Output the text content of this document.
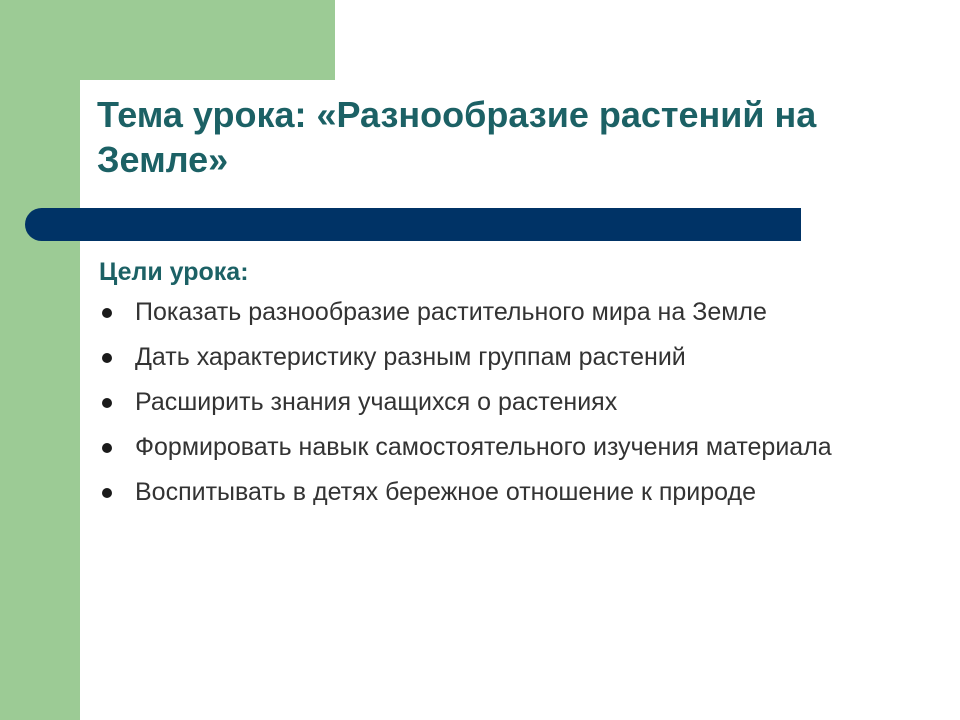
Тема урока: «Разнообразие растений на Земле»
Цели урока:
Показать разнообразие растительного мира на Земле
Дать характеристику разным группам растений
Расширить знания учащихся о растениях
Формировать навык самостоятельного изучения материала
Воспитывать в детях бережное отношение к природе
